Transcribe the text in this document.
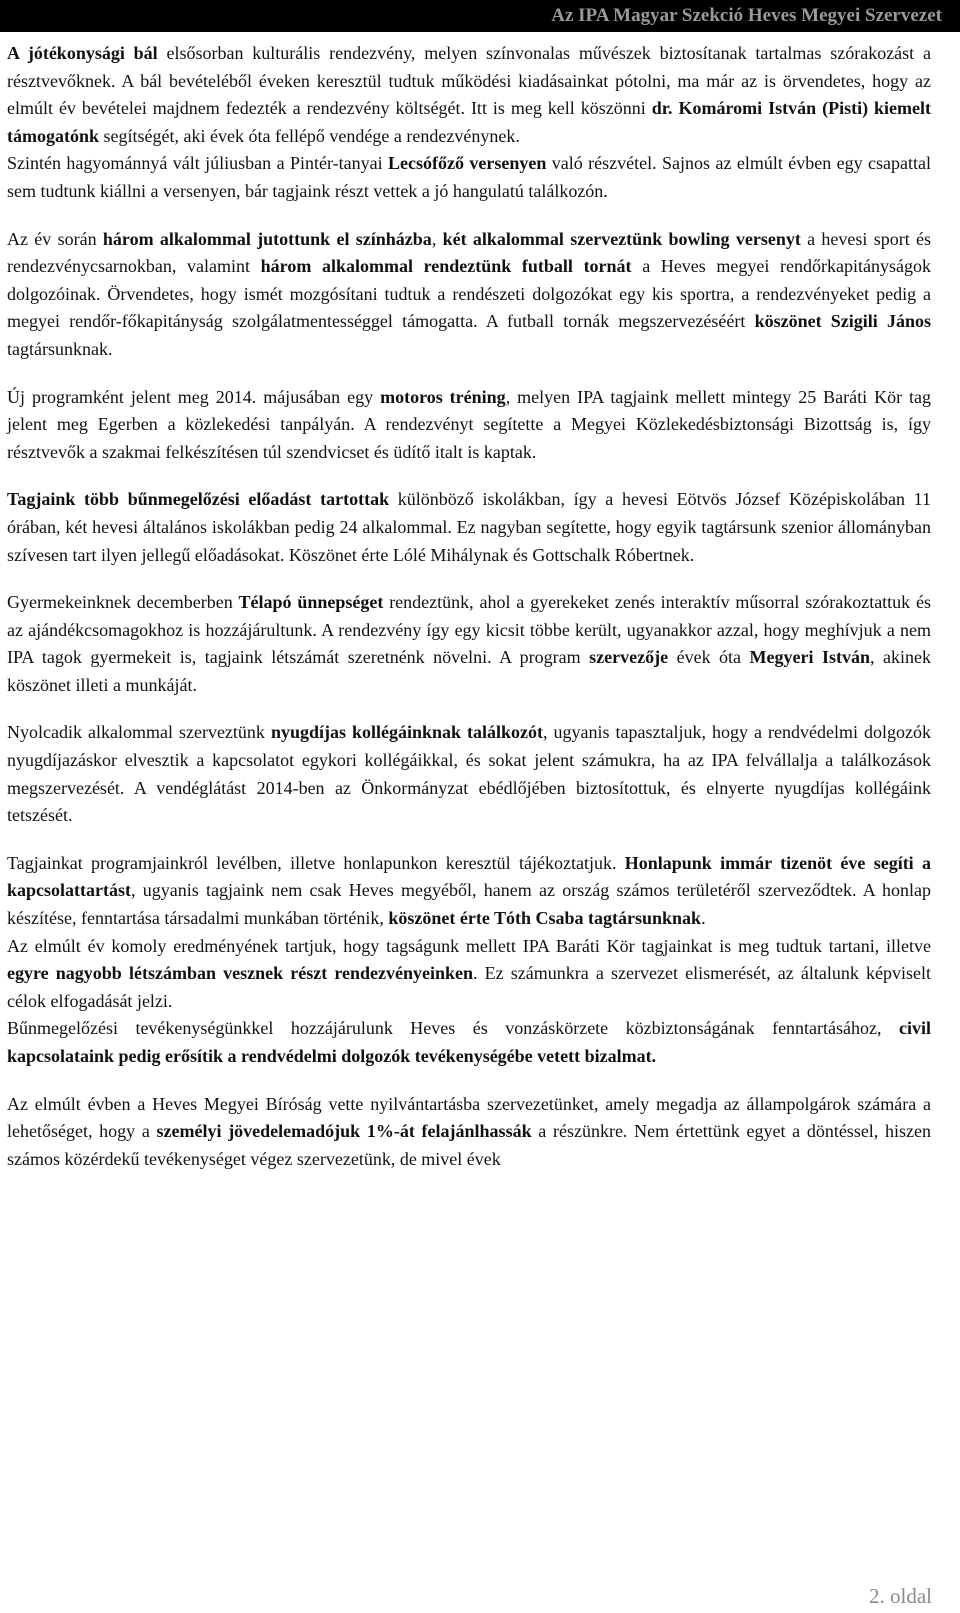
Az IPA Magyar Szekció Heves Megyei Szervezet

A jótékonysági bál elsősorban kulturális rendezvény, melyen színvonalas művészek biztosítanak tartalmas szórakozást a résztvevőknek. A bál bevételéből éveken keresztül tudtuk működési kiadásainkat pótolni, ma már az is örvendetes, hogy az elmúlt év bevételei majdnem fedezték a rendezvény költségét. Itt is meg kell köszönni dr. Komáromi István (Pisti) kiemelt támogatónk segítségét, aki évek óta fellépő vendége a rendezvénynek.

Szintén hagyománnyá vált júliusban a Pintér-tanyai Lecsófőző versenyen való részvétel. Sajnos az elmúlt évben egy csapattal sem tudtunk kiállni a versenyen, bár tagjaink részt vettek a jó hangulatú találkozón.

Az év során három alkalommal jutottunk el színházba, két alkalommal szerveztünk bowling versenyt a hevesi sport és rendezvénycsarnokban, valamint három alkalommal rendeztünk futball tornát a Heves megyei rendőrkapitányságok dolgozóinak. Örvendetes, hogy ismét mozgósítani tudtuk a rendészeti dolgozókat egy kis sportra, a rendezvényeket pedig a megyei rendőr-főkapitányság szolgálatmentességgel támogatta. A futball tornák megszervezéséért köszönet Szigili János tagtársunknak.

Új programként jelent meg 2014. májusában egy motoros tréning, melyen IPA tagjaink mellett mintegy 25 Baráti Kör tag jelent meg Egerben a közlekedési tanpályán. A rendezvényt segítette a Megyei Közlekedésbiztonsági Bizottság is, így résztvevők a szakmai felkészítésen túl szendvicset és üdítő italt is kaptak.

Tagjaink több bűnmegelőzési előadást tartottak különböző iskolákban, így a hevesi Eötvös József Középiskolában 11 órában, két hevesi általános iskolákban pedig 24 alkalommal. Ez nagyban segítette, hogy egyik tagtársunk szenior állományban szívesen tart ilyen jellegű előadásokat. Köszönet érte Lólé Mihálynak és Gottschalk Róbertnek.

Gyermekeinknek decemberben Télapó ünnepséget rendeztünk, ahol a gyerekeket zenés interaktív műsorral szórakoztattuk és az ajándékcsomagokhoz is hozzájárultunk. A rendezvény így egy kicsit többe került, ugyanakkor azzal, hogy meghívjuk a nem IPA tagok gyermekeit is, tagjaink létszámát szeretnénk növelni. A program szervezője évek óta Megyeri István, akinek köszönet illeti a munkáját.

Nyolcadik alkalommal szerveztünk nyugdíjas kollégáinknak találkozót, ugyanis tapasztaljuk, hogy a rendvédelmi dolgozók nyugdíjazáskor elvesztik a kapcsolatot egykori kollégáikkal, és sokat jelent számukra, ha az IPA felvállalja a találkozások megszervezését. A vendéglátást 2014-ben az Önkormányzat ebédlőjében biztosítottuk, és elnyerte nyugdíjas kollégáink tetszését.

Tagjainkat programjainkról levélben, illetve honlapunkon keresztül tájékoztatjuk. Honlapunk immár tizenöt éve segíti a kapcsolattartást, ugyanis tagjaink nem csak Heves megyéből, hanem az ország számos területéről szerveződtek. A honlap készítése, fenntartása társadalmi munkában történik, köszönet érte Tóth Csaba tagtársunknak.

Az elmúlt év komoly eredményének tartjuk, hogy tagságunk mellett IPA Baráti Kör tagjainkat is meg tudtuk tartani, illetve egyre nagyobb létszámban vesznek részt rendezvényeinken. Ez számunkra a szervezet elismerését, az általunk képviselt célok elfogadását jelzi.

Bűnmegelőzési tevékenységünkkel hozzájárulunk Heves és vonzáskörzete közbiztonságának fenntartásához, civil kapcsolataink pedig erősítik a rendvédelmi dolgozók tevékenységébe vetett bizalmat.

Az elmúlt évben a Heves Megyei Bíróság vette nyilvántartásba szervezetünket, amely megadja az állampolgárok számára a lehetőséget, hogy a személyi jövedelemadójuk 1%-át felajánlhassák a részünkre. Nem értettünk egyet a döntéssel, hiszen számos közérdekű tevékenységet végez szervezetünk, de mivel évek

2. oldal
